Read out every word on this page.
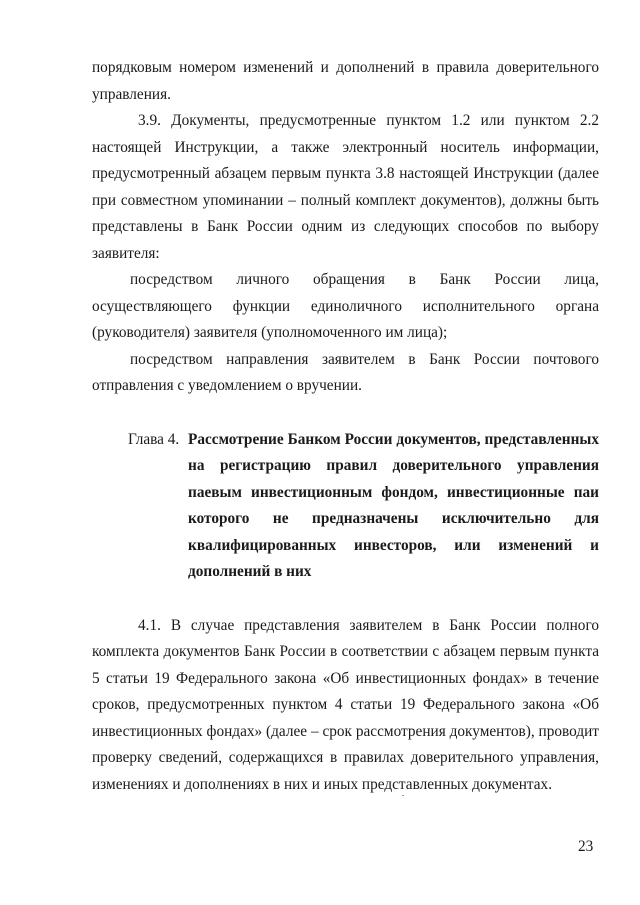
порядковым номером изменений и дополнений в правила доверительного управления.

3.9. Документы, предусмотренные пунктом 1.2 или пунктом 2.2 настоящей Инструкции, а также электронный носитель информации, предусмотренный абзацем первым пункта 3.8 настоящей Инструкции (далее при совместном упоминании – полный комплект документов), должны быть представлены в Банк России одним из следующих способов по выбору заявителя:

посредством личного обращения в Банк России лица, осуществляющего функции единоличного исполнительного органа (руководителя) заявителя (уполномоченного им лица);

посредством направления заявителем в Банк России почтового отправления с уведомлением о вручении.

Глава 4. Рассмотрение Банком России документов, представленных на регистрацию правил доверительного управления паевым инвестиционным фондом, инвестиционные паи которого не предназначены исключительно для квалифицированных инвесторов, или изменений и дополнений в них

4.1. В случае представления заявителем в Банк России полного комплекта документов Банк России в соответствии с абзацем первым пункта 5 статьи 19 Федерального закона «Об инвестиционных фондах» в течение сроков, предусмотренных пунктом 4 статьи 19 Федерального закона «Об инвестиционных фондах» (далее – срок рассмотрения документов), проводит проверку сведений, содержащихся в правилах доверительного управления, изменениях и дополнениях в них и иных представленных документах.

23
